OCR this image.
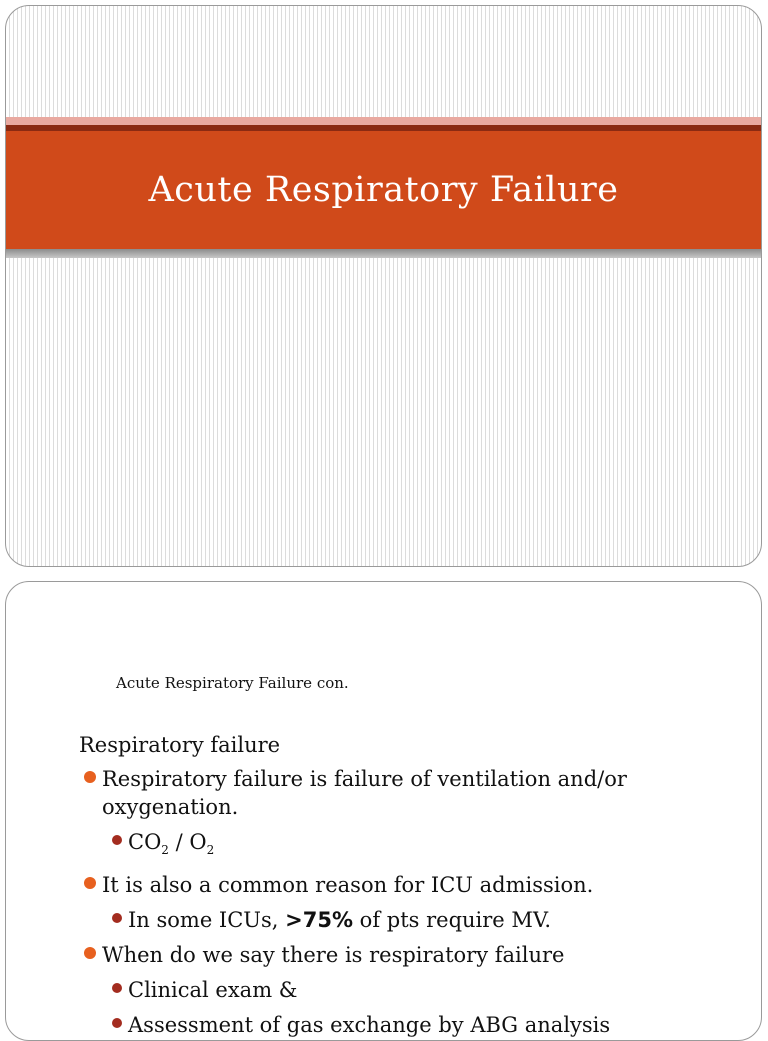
Acute Respiratory Failure
Acute Respiratory Failure con.
Respiratory failure
Respiratory failure is failure of ventilation and/or oxygenation.
$CO_2 / O_2$
It is also a common reason for ICU admission.
In some ICUs, >75% of pts require MV.
When do we say there is respiratory failure
Clinical exam &
Assessment of gas exchange by ABG analysis
